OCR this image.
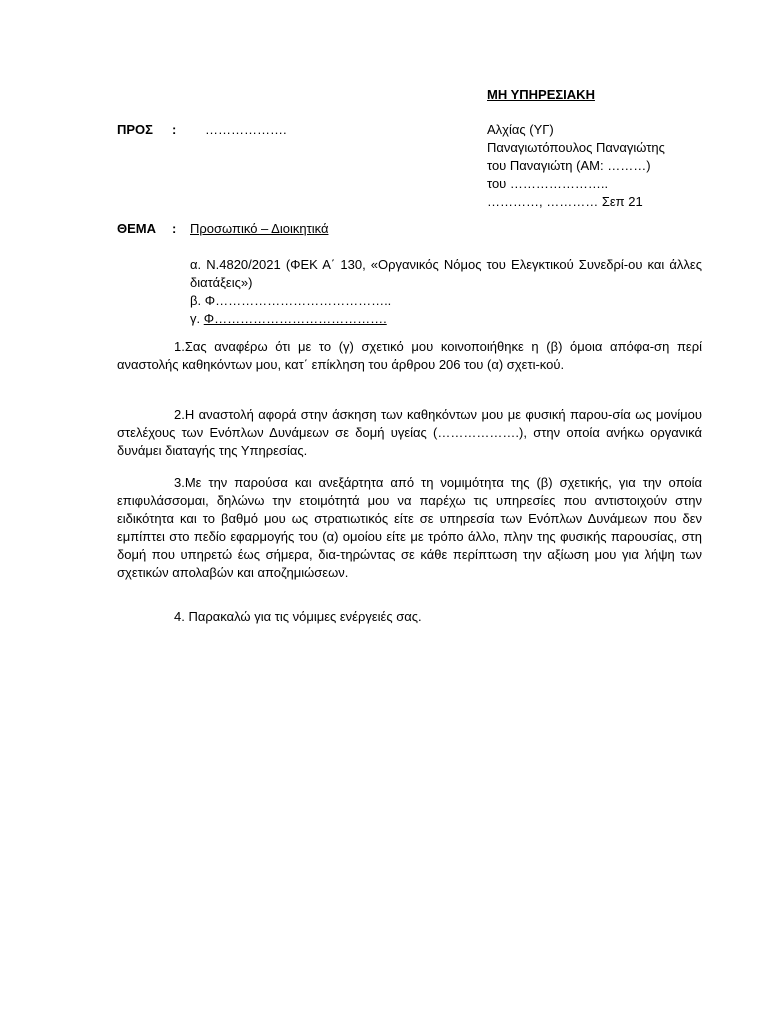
ΜΗ ΥΠΗΡΕΣΙΑΚΗ
ΠΡΟΣ : ……………….	Αλχίας (ΥΓ)
Παναγιωτόπουλος Παναγιώτης
του Παναγιώτη (ΑΜ: ………)
του …………………..
…………, ………… Σεπ 21
ΘΕΜΑ : Προσωπικό – Διοικητικά
α. Ν.4820/2021 (ΦΕΚ Α΄ 130, «Οργανικός Νόμος του Ελεγκτικού Συνεδρί-ου και άλλες διατάξεις»)
β. Φ…………………………………..
γ. Φ………………………………….
1.Σας αναφέρω ότι με το (γ) σχετικό μου κοινοποιήθηκε η (β) όμοια απόφα-ση περί αναστολής καθηκόντων μου, κατ΄ επίκληση του άρθρου 206 του (α) σχετι-κού.
2.Η αναστολή αφορά στην άσκηση των καθηκόντων μου με φυσική παρου-σία ως μονίμου στελέχους των Ενόπλων Δυνάμεων σε δομή υγείας (……………….), στην οποία ανήκω οργανικά δυνάμει διαταγής της Υπηρεσίας.
3.Με την παρούσα και ανεξάρτητα από τη νομιμότητα της (β) σχετικής, για την οποία επιφυλάσσομαι, δηλώνω την ετοιμότητά μου να παρέχω τις υπηρεσίες που αντιστοιχούν στην ειδικότητα και το βαθμό μου ως στρατιωτικός είτε σε υπηρεσία των Ενόπλων Δυνάμεων που δεν εμπίπτει στο πεδίο εφαρμογής του (α) ομοίου είτε με τρόπο άλλο, πλην της φυσικής παρουσίας, στη δομή που υπηρετώ έως σήμερα, δια-τηρώντας σε κάθε περίπτωση την αξίωση μου για λήψη των σχετικών απολαβών και αποζημιώσεων.
4. Παρακαλώ για τις νόμιμες ενέργειές σας.
